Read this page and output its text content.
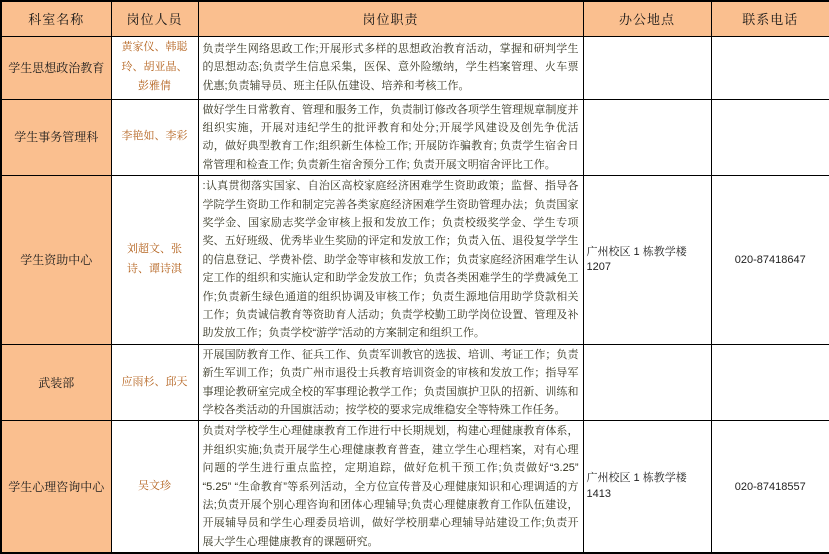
科室名称	岗位人员	岗位职责	办公地点	联系电话
学生思想政治教育	黄家仪、韩聪玲、胡亚晶、彭雅倩	负责学生网络思政工作;开展形式多样的思想政治教育活动，掌握和研判学生的思想动态;负责学生信息采集，医保、意外险缴纳，学生档案管理、火车票优惠;负责辅导员、班主任队伍建设、培养和考核工作。		
学生事务管理科	李艳如、李彩	做好学生日常教育、管理和服务工作，负责制订修改各项学生管理规章制度并组织实施，开展对违纪学生的批评教育和处分;开展学风建设及创先争优活动，做好典型教育工作;组织新生体检工作; 开展防诈骗教育; 负责学生宿舍日常管理和检查工作; 负责新生宿舍预分工作; 负责开展文明宿舍评比工作。		
学生资助中心	刘超文、张诗、谭诗淇	:认真贯彻落实国家、自治区高校家庭经济困难学生资助政策；监督、指导各学院学生资助工作和制定完善各类家庭经济困难学生资助管理办法；负责国家奖学金、国家励志奖学金审核上报和发放工作；负责校级奖学金、学生专项奖、五好班级、优秀毕业生奖励的评定和发放工作；负责入伍、退役复学学生的信息登记、学费补偿、助学金等审核和发放工作；负责家庭经济困难学生认定工作的组织和实施认定和助学金发放工作；负责各类困难学生的学费减免工作;负责新生绿色通道的组织协调及审核工作；负责生源地信用助学贷款相关工作；负责诚信教育等资助育人活动；负责学校勤工助学岗位设置、管理及补助发放工作；负责学校“游学”活动的方案制定和组织工作。	广州校区 1 栋教学楼 1207	020-87418647
武装部	应雨杉、邱天	开展国防教育工作、征兵工作、负责军训教官的选拔、培训、考证工作；负责新生军训工作；负责广州市退役士兵教育培训资金的审核和发放工作；指导军事理论教研室完成全校的军事理论教学工作；负责国旗护卫队的招新、训练和学校各类活动的升国旗活动；按学校的要求完成维稳安全等特殊工作任务。		
学生心理咨询中心	吴文珍	负责对学校学生心理健康教育工作进行中长期规划，构建心理健康教育体系，并组织实施;负责开展学生心理健康教育普查，建立学生心理档案，对有心理问题的学生进行重点监控，定期追踪，做好危机干预工作;负责做好“3.25” “5.25” “生命教育”等系列活动，全方位宣传普及心理健康知识和心理调适的方法;负责开展个别心理咨询和团体心理辅导;负责心理健康教育工作队伍建设，开展辅导员和学生心理委员培训，做好学校朋辈心理辅导站建设工作;负责开展大学生心理健康教育的课题研究。	广州校区 1 栋教学楼 1413	020-87418557
